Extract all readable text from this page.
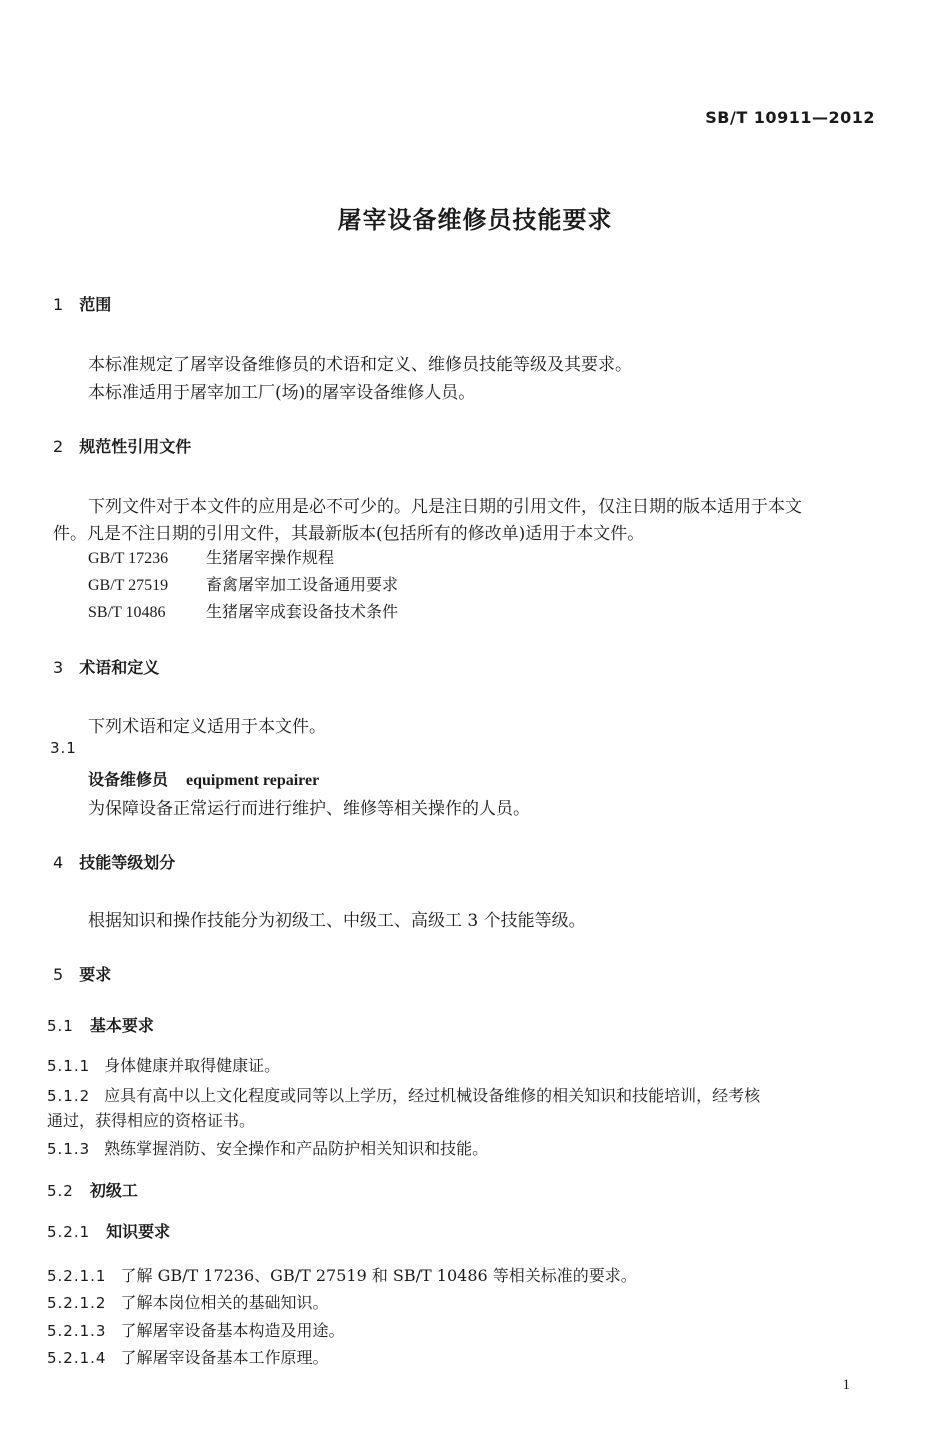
SB/T 10911—2012
屠宰设备维修员技能要求
1 范围
本标准规定了屠宰设备维修员的术语和定义、维修员技能等级及其要求。
本标准适用于屠宰加工厂(场)的屠宰设备维修人员。
2 规范性引用文件
下列文件对于本文件的应用是必不可少的。凡是注日期的引用文件，仅注日期的版本适用于本文
件。凡是不注日期的引用文件，其最新版本(包括所有的修改单)适用于本文件。
GB/T 17236 生猪屠宰操作规程
GB/T 27519 畜禽屠宰加工设备通用要求
SB/T 10486	生猪屠宰成套设备技术条件
3 术语和定义
下列术语和定义适用于本文件。
3.1
设备维修员 equipment repairer
为保障设备正常运行而进行维护、维修等相关操作的人员。
4 技能等级划分
根据知识和操作技能分为初级工、中级工、高级工 3 个技能等级。
5 要求
5.1 基本要求
5.1.1 身体健康并取得健康证。
5.1.2 应具有高中以上文化程度或同等以上学历，经过机械设备维修的相关知识和技能培训，经考核
通过，获得相应的资格证书。
5.1.3 熟练掌握消防、安全操作和产品防护相关知识和技能。
5.2 初级工
5.2.1 知识要求
5.2.1.1 了解 GB/T 17236、GB/T 27519 和 SB/T 10486 等相关标准的要求。
5.2.1.2 了解本岗位相关的基础知识。
5.2.1.3 了解屠宰设备基本构造及用途。
5.2.1.4 了解屠宰设备基本工作原理。
1
